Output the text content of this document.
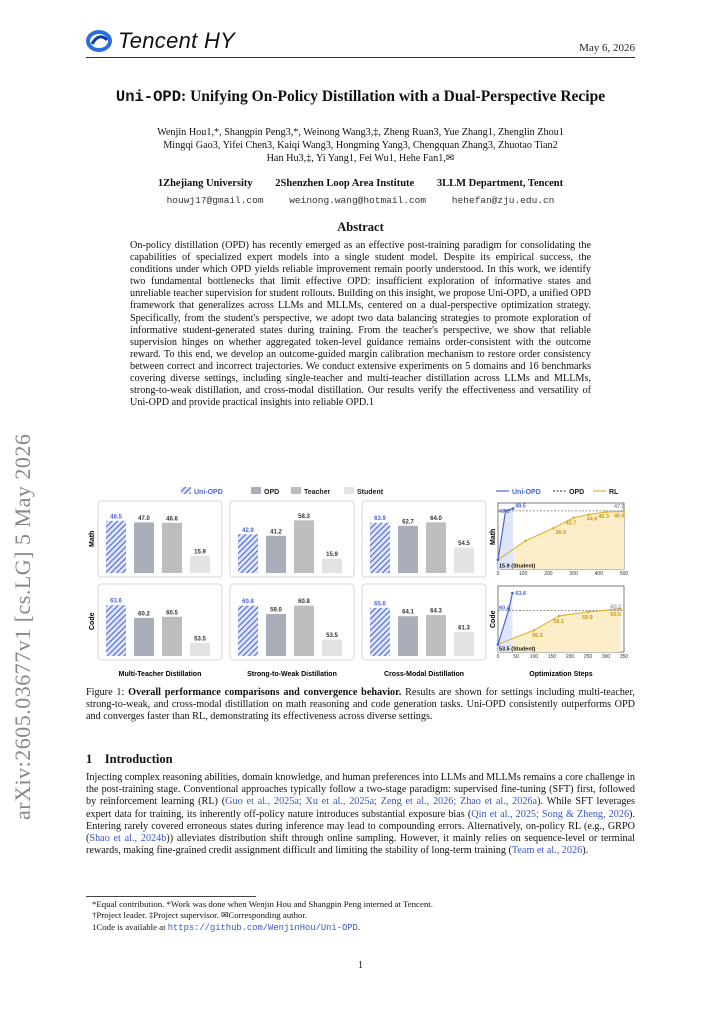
Tencent HY	May 6, 2026
Uni-OPD: Unifying On-Policy Distillation with a Dual-Perspective Recipe
Wenjin Hou1,*, Shangpin Peng3,*, Weinong Wang3,‡, Zheng Ruan3, Yue Zhang1, Zhenglin Zhou1
Mingqi Gao3, Yifei Chen3, Kaiqi Wang3, Hongming Yang3, Chengquan Zhang3, Zhuotao Tian2
Han Hu3,‡, Yi Yang1, Fei Wu1, Hehe Fan1,✉
1Zhejiang University 2Shenzhen Loop Area Institute 3LLM Department, Tencent
houwj17@gmail.com	weinong.wang@hotmail.com	hehefan@zju.edu.cn
Abstract
On-policy distillation (OPD) has recently emerged as an effective post-training paradigm for consolidating the capabilities of specialized expert models into a single student model. Despite its empirical success, the conditions under which OPD yields reliable improvement remain poorly understood. In this work, we identify two fundamental bottlenecks that limit effective OPD: insufficient exploration of informative states and unreliable teacher supervision for student rollouts. Building on this insight, we propose Uni-OPD, a unified OPD framework that generalizes across LLMs and MLLMs, centered on a dual-perspective optimization strategy. Specifically, from the student's perspective, we adopt two data balancing strategies to promote exploration of informative student-generated states during training. From the teacher's perspective, we show that reliable supervision hinges on whether aggregated token-level guidance remains order-consistent with the outcome reward. To this end, we develop an outcome-guided margin calibration mechanism to restore order consistency between correct and incorrect trajectories. We conduct extensive experiments on 5 domains and 16 benchmarks covering diverse settings, including single-teacher and multi-teacher distillation across LLMs and MLLMs, strong-to-weak distillation, and cross-modal distillation. Our results verify the effectiveness and versatility of Uni-OPD and provide practical insights into reliable OPD.1
arXiv:2605.03677v1 [cs.LG] 5 May 2026	Uni-OPD	OPD	Teacher	Student	Uni-OPD	OPD	RL
48.5	47.0	46.6
15.9
Math	42.9	41.2
58.3
15.9
63.9
62.7
64.0
54.5
63.6
60.2	60.5
53.5
Code
Multi-Teacher Distillation
60.8
59.0
60.8
53.5
Strong-to-Weak Distillation
65.6
64.1	64.3
61.3
Cross-Modal Distillation
47.0
48.5
36.0
42.7
44.6 46.3 46.6
47.0
15.9 (Student)
0	100	200	300	400	500
Math
60.4
63.6
56.3
59.1
59.9
60.5
60.2
53.5 (Student)
0	50 100 150 200 250 300 350
Code
Optimization Steps
Figure 1: Overall performance comparisons and convergence behavior. Results are shown for settings including multi-teacher, strong-to-weak, and cross-modal distillation on math reasoning and code generation tasks. Uni-OPD consistently outperforms OPD and converges faster than RL, demonstrating its effectiveness across diverse settings.
1 Introduction
Injecting complex reasoning abilities, domain knowledge, and human preferences into LLMs and MLLMs remains a core challenge in the post-training stage. Conventional approaches typically follow a two-stage paradigm: supervised fine-tuning (SFT) first, followed by reinforcement learning (RL) (Guo et al., 2025a; Xu et al., 2025a; Zeng et al., 2026; Zhao et al., 2026a). While SFT leverages expert data for training, its inherently off-policy nature introduces substantial exposure bias (Qin et al., 2025; Song & Zheng, 2026). Entering rarely covered erroneous states during inference may lead to compounding errors. Alternatively, on-policy RL (e.g., GRPO (Shao et al., 2024b)) alleviates distribution shift through online sampling. However, it mainly relies on sequence-level or terminal rewards, making fine-grained credit assignment difficult and limiting the stability of long-term training (Team et al., 2026).
*Equal contribution. *Work was done when Wenjin Hou and Shangpin Peng interned at Tencent.
†Project leader. ‡Project supervisor. ✉Corresponding author.
1Code is available at https://github.com/WenjinHou/Uni-OPD.
1
